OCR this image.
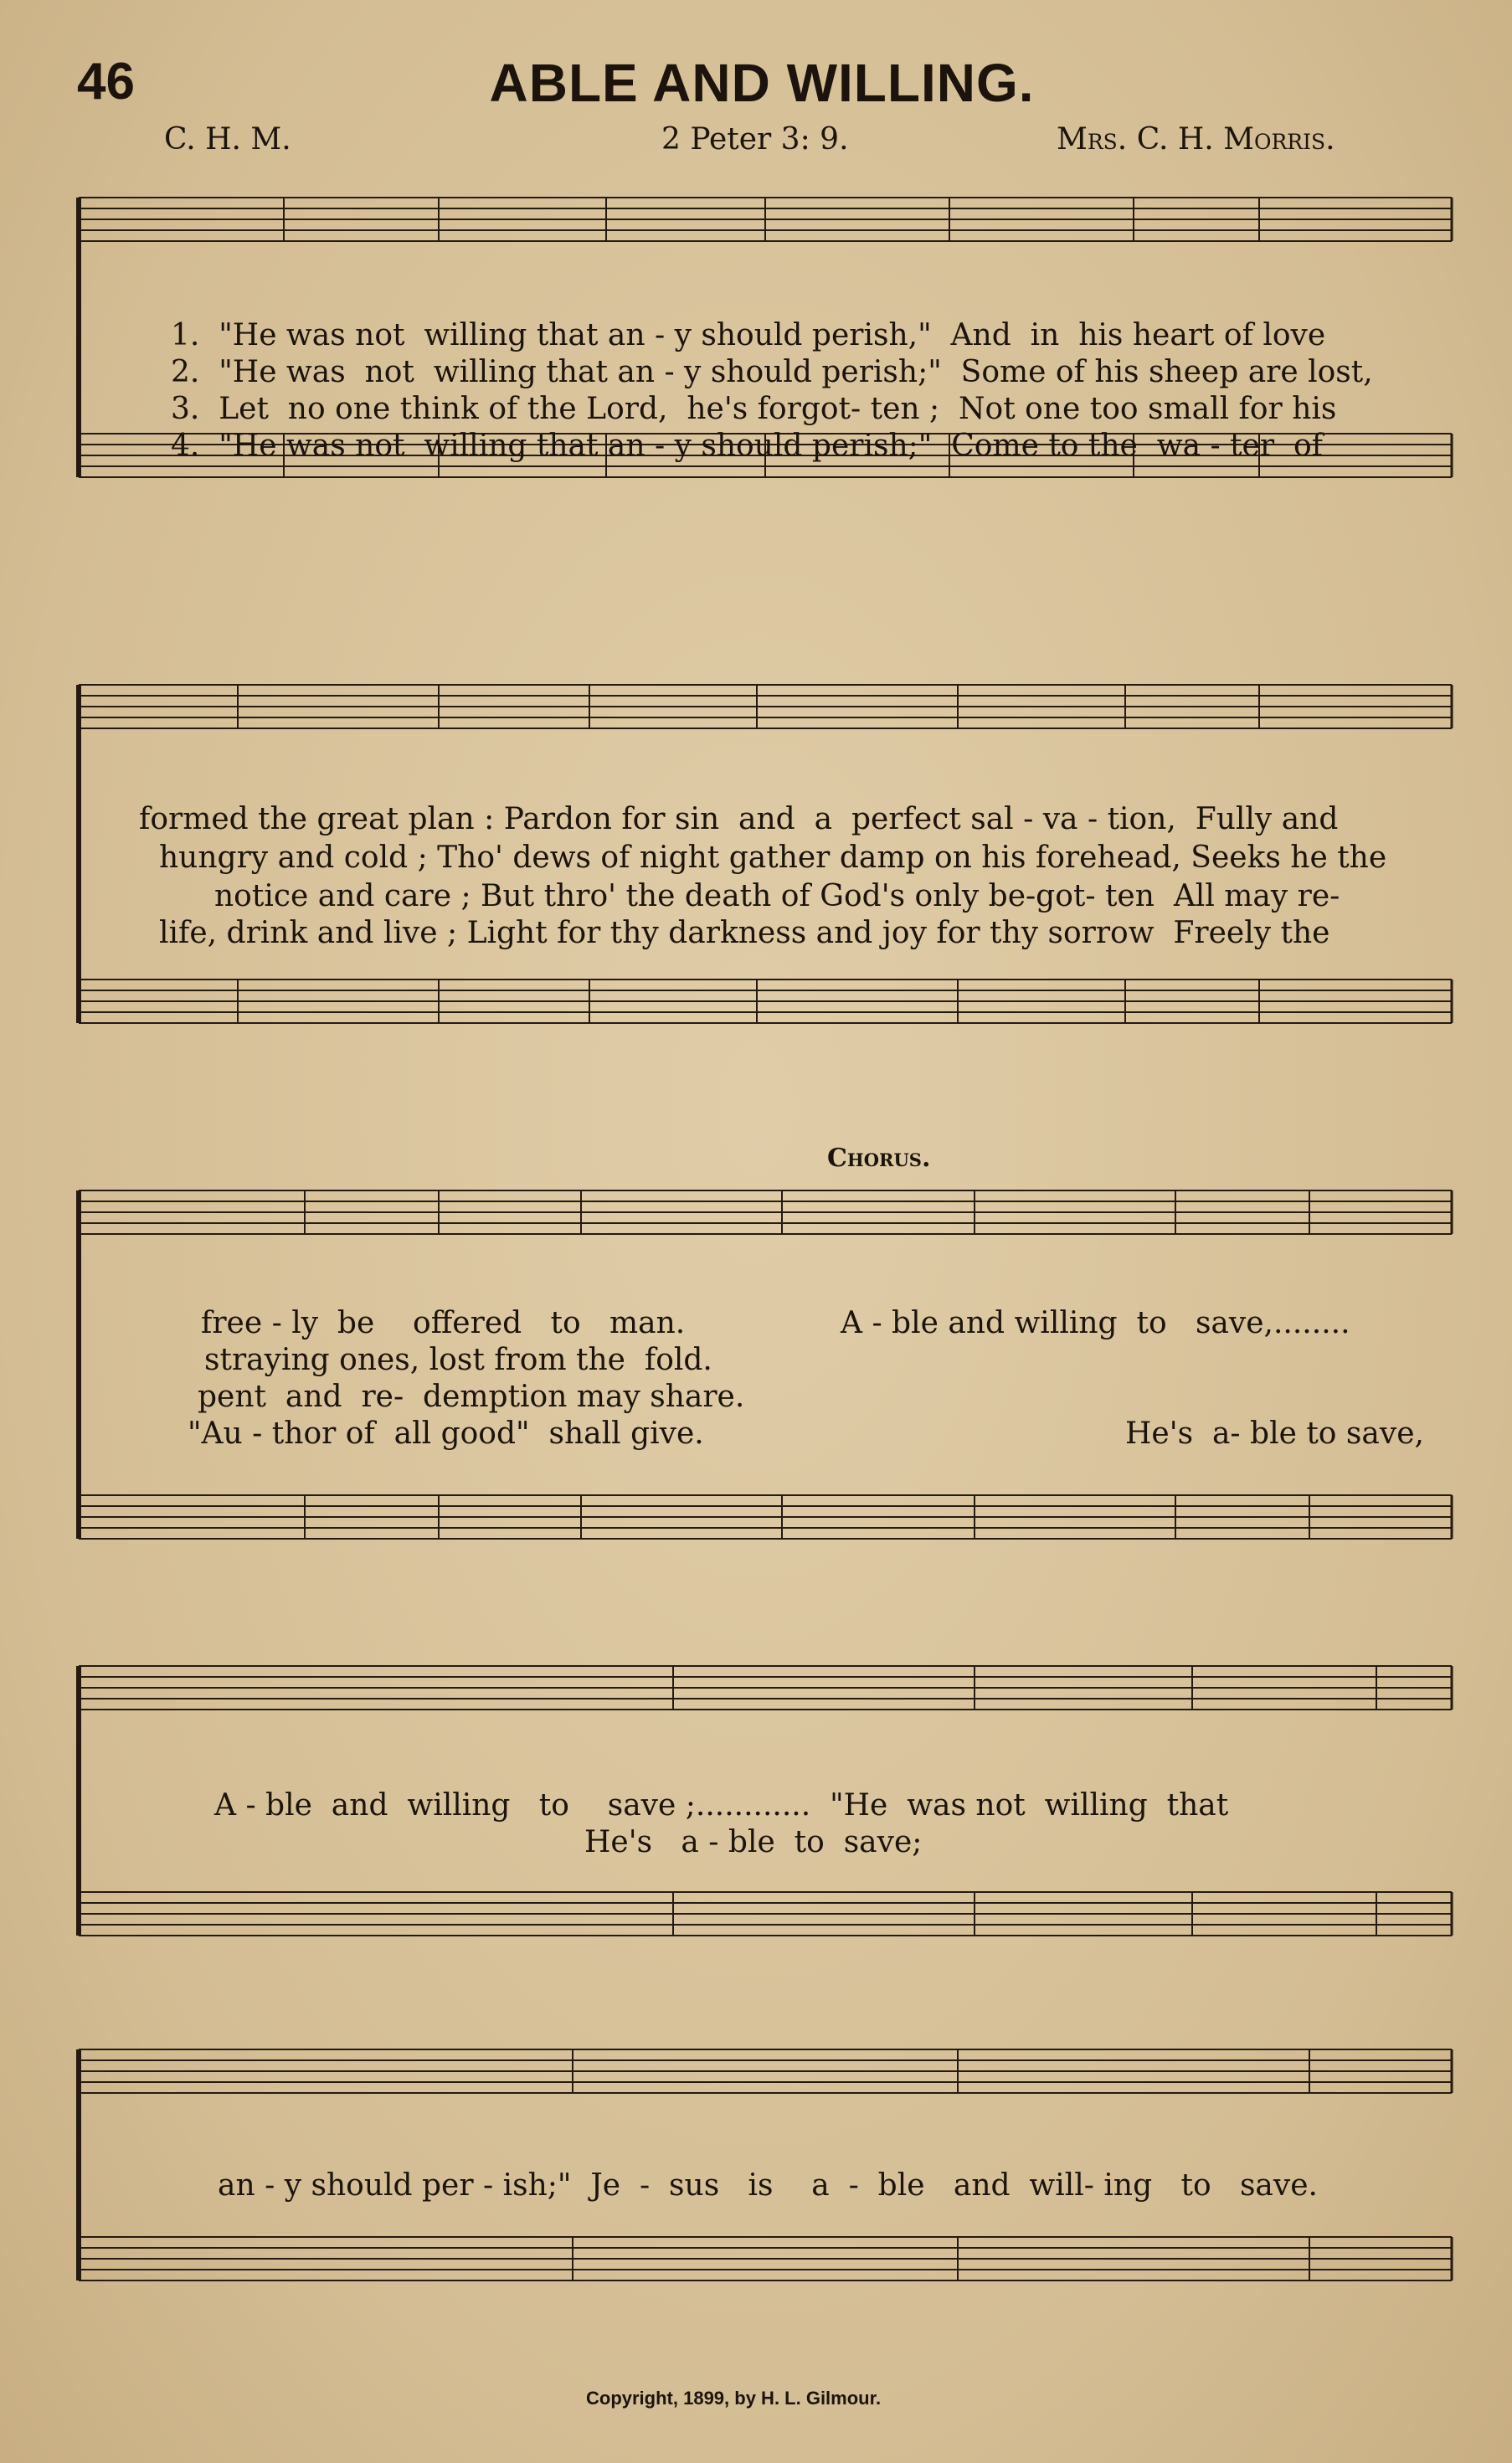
46	ABLE AND WILLING.
C. H. M.	2 Peter 3: 9.	Mrs. C. H. Morris.
1.  "He was not  willing that an - y should perish,"  And  in  his heart of love
2.  "He was  not  willing that an - y should perish;"  Some of his sheep are lost,
3.  Let  no one think of the Lord,  he's forgot- ten ;  Not one too small for his
4.  "He was not  willing that an - y should perish;"  Come to the  wa - ter  of
formed the great plan : Pardon for sin  and  a  perfect sal - va - tion,  Fully and
hungry and cold ; Tho' dews of night gather damp on his forehead, Seeks he the
notice and care ; But thro' the death of God's only be-got- ten  All may re-
life, drink and live ; Light for thy darkness and joy for thy sorrow  Freely the
Chorus.
free - ly  be    offered   to   man.
straying ones, lost from the  fold.
pent  and  re-  demption may share.
"Au - thor of  all good"  shall give.
A - ble and willing  to   save,........
He's  a- ble to save,
A - ble  and  willing   to    save ;............  "He  was not  willing  that
He's   a - ble  to  save;
an - y should per - ish;"  Je  -  sus   is    a  -  ble   and  will- ing   to   save.
Copyright, 1899, by H. L. Gilmour.
